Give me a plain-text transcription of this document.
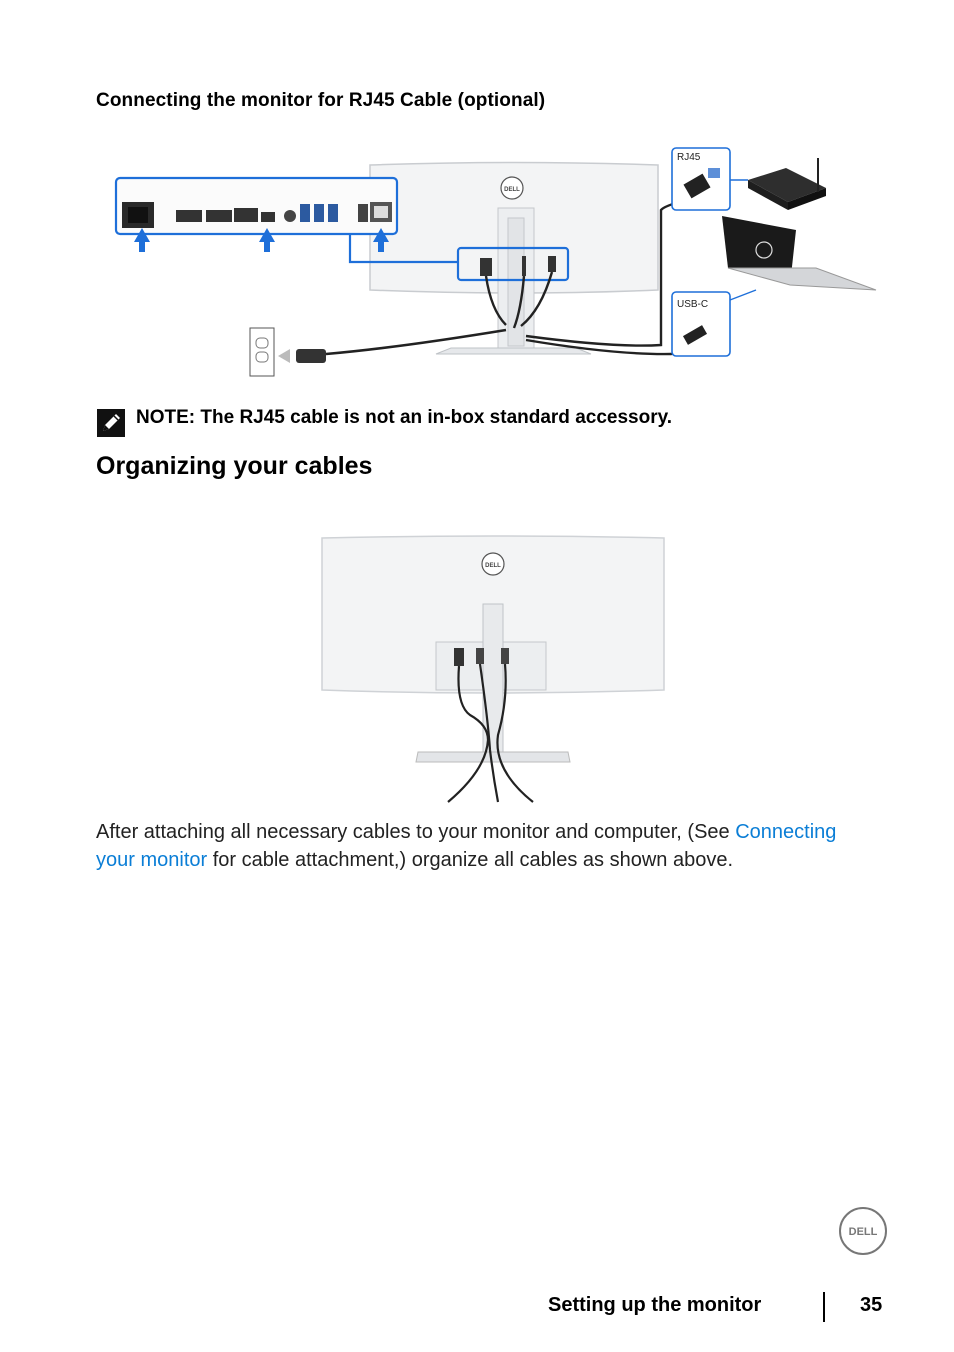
Connecting the monitor for RJ45 Cable (optional)
DELL
RJ45
USB-C
NOTE: The RJ45 cable is not an in-box standard accessory.
Organizing your cables
DELL
After attaching all necessary cables to your monitor and computer, (See Connecting your monitor for cable attachment,) organize all cables as shown above.
DELL
Setting up the monitor	35
